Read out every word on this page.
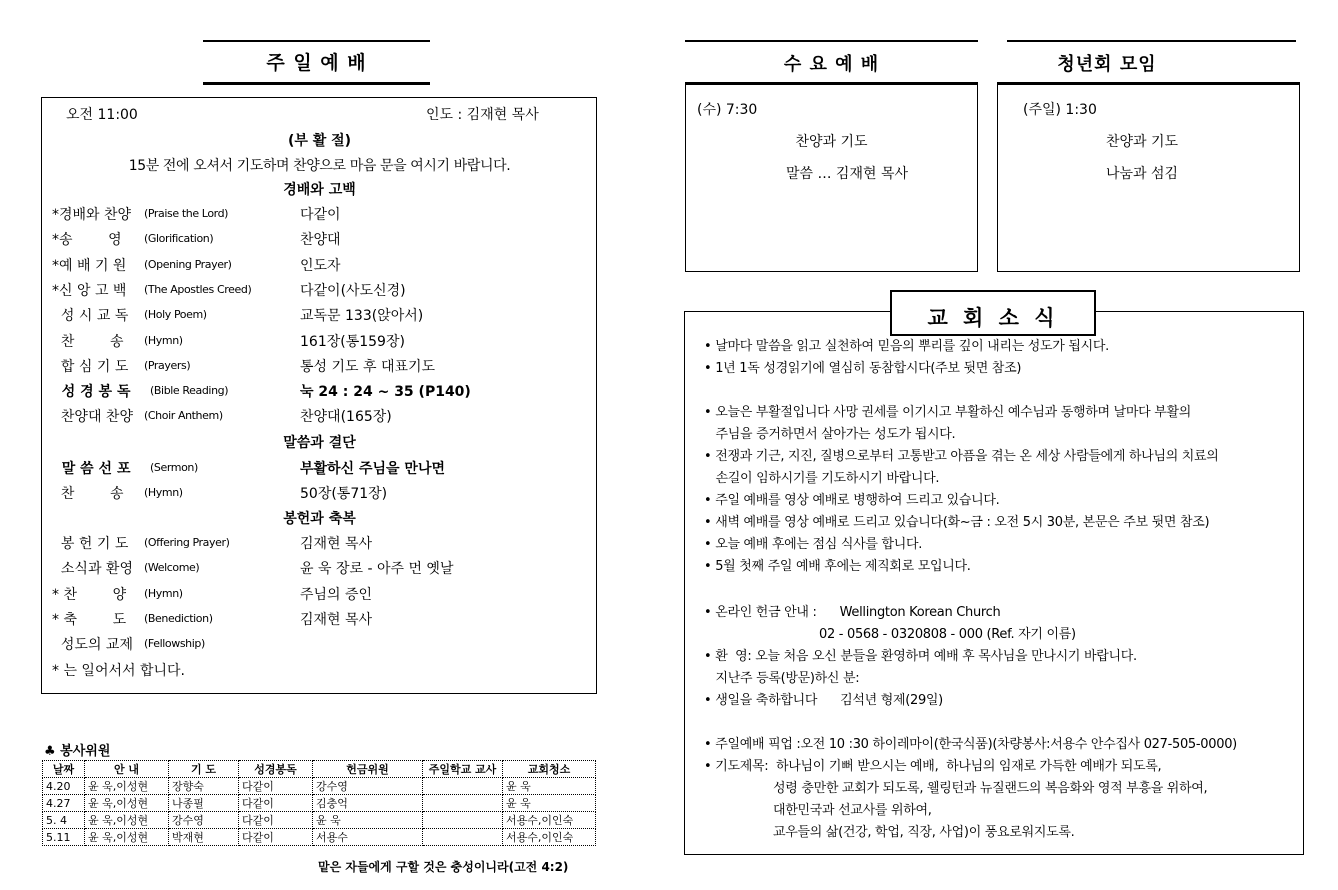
주 일 예 배
오전 11:00	인도 : 김재현 목사
(부 활 절)
15분 전에 오셔서 기도하며 찬양으로 마음 문을 여시기 바랍니다.
경배와 고백
*경배와 찬양 (Praise the Lord)	다같이
*송        영 (Glorification)	찬양대
*예 배 기 원 (Opening Prayer)	인도자
*신 앙 고 백 (The Apostles Creed)	다같이(사도신경)
성 시 교 독 (Holy Poem)	교독문 133(앉아서)
찬        송 (Hymn)	161장(통159장)
합 심 기 도 (Prayers)	통성 기도 후 대표기도
성 경 봉 독 (Bible Reading)	눅 24 : 24 ~ 35 (P140)
찬양대 찬양 (Choir Anthem)	찬양대(165장)
말씀과 결단
말 씀 선 포 (Sermon)	부활하신 주님을 만나면
찬        송 (Hymn)	50장(통71장)
봉헌과 축복
봉 헌 기 도 (Offering Prayer)	김재현 목사
소식과 환영 (Welcome)	윤 욱 장로 - 아주 먼 옛날
* 찬        양 (Hymn)	주님의 증인
* 축        도 (Benediction)	김재현 목사
성도의 교제 (Fellowship)
* 는 일어서서 합니다.
♣ 봉사위원
날짜	안 내	기 도	성경봉독	헌금위원	주일학교 교사	교회청소
4.20	윤 욱,이성현	장향숙	다같이	강수영		윤 욱
4.27	윤 욱,이성현	나종필	다같이	김충억		윤 욱
5. 4	윤 욱,이성현	강수영	다같이	윤 욱		서용수,이인숙
5.11	윤 욱,이성현	박재현	다같이	서용수		서용수,이인숙
맡은 자들에게 구할 것은 충성이니라(고전 4:2)
수 요 예 배
(수) 7:30
찬양과 기도
말씀 … 김재현 목사
청년회 모임
(주일) 1:30
찬양과 기도
나눔과 섬김
• 날마다 말씀을 읽고 실천하여 믿음의 뿌리를 깊이 내리는 성도가 됩시다.
• 1년 1독 성경읽기에 열심히 동참합시다(주보 뒷면 참조)
• 오늘은 부활절입니다 사망 권세를 이기시고 부활하신 예수님과 동행하며 날마다 부활의
주님을 증거하면서 살아가는 성도가 됩시다.
• 전쟁과 기근, 지진, 질병으로부터 고통받고 아픔을 겪는 온 세상 사람들에게 하나님의 치료의
손길이 임하시기를 기도하시기 바랍니다.
• 주일 예배를 영상 예배로 병행하여 드리고 있습니다.
• 새벽 예배를 영상 예배로 드리고 있습니다(화~금 : 오전 5시 30분, 본문은 주보 뒷면 참조)
• 오늘 예배 후에는 점심 식사를 합니다.
• 5월 첫째 주일 예배 후에는 제직회로 모입니다.
• 온라인 헌금 안내 :      Wellington Korean Church
02 - 0568 - 0320808 - 000 (Ref. 자기 이름)
• 환  영: 오늘 처음 오신 분들을 환영하며 예배 후 목사님을 만나시기 바랍니다.
지난주 등록(방문)하신 분:
• 생일을 축하합니다      김석년 형제(29일)
• 주일예배 픽업 :오전 10 :30 하이레마이(한국식품)(차량봉사:서용수 안수집사 027-505-0000)
• 기도제목:  하나님이 기뻐 받으시는 예배,  하나님의 임재로 가득한 예배가 되도록,
성령 충만한 교회가 되도록, 웰링턴과 뉴질랜드의 복음화와 영적 부흥을 위하여,
대한민국과 선교사를 위하여,
교우들의 삶(건강, 학업, 직장, 사업)이 풍요로워지도록.
교 회 소 식
